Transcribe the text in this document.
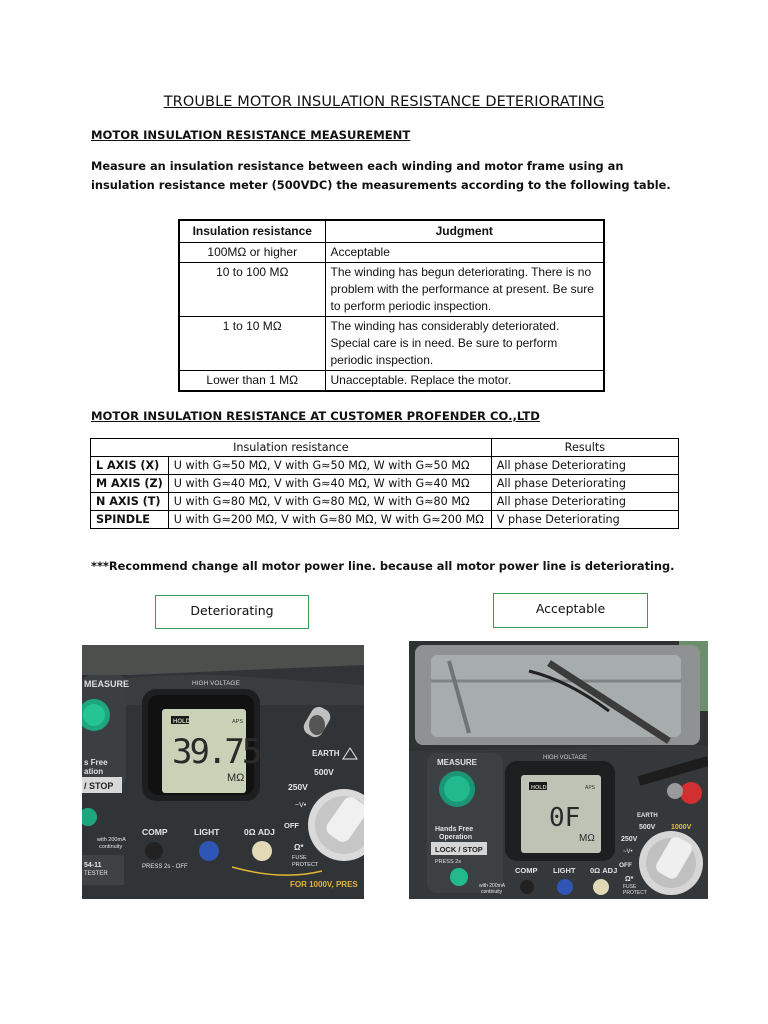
TROUBLE MOTOR INSULATION RESISTANCE DETERIORATING
MOTOR INSULATION RESISTANCE MEASUREMENT
Measure an insulation resistance between each winding and motor frame using an insulation resistance meter (500VDC) the measurements according to the following table.
Insulation resistance	Judgment
100MΩ or higher	Acceptable
10 to 100 MΩ	The winding has begun deteriorating. There is no problem with the performance at present. Be sure to perform periodic inspection.
1 to 10 MΩ	The winding has considerably deteriorated. Special care is in need. Be sure to perform periodic inspection.
Lower than 1 MΩ	Unacceptable. Replace the motor.
MOTOR INSULATION RESISTANCE AT CUSTOMER PROFENDER CO.,LTD
Insulation resistance		Results
L AXIS (X)	U with G≈50 MΩ, V with G≈50 MΩ, W with G≈50 MΩ	All phase Deteriorating
M AXIS (Z)	U with G≈40 MΩ, V with G≈40 MΩ, W with G≈40 MΩ	All phase Deteriorating
N AXIS (T)	U with G≈80 MΩ, V with G≈80 MΩ, W with G≈80 MΩ	All phase Deteriorating
SPINDLE	U with G≈200 MΩ, V with G≈80 MΩ, W with G≈200 MΩ	V phase Deteriorating
***Recommend change all motor power line. because all motor power line is deteriorating.
Deteriorating	Acceptable
MEASURE
s Free
ation
/ STOP
HIGH VOLTAGE
HOLD	APS
39.75
MΩ
EARTH
500V
250V
~V•
OFF
Ω*
FUSE
PROTECT
COMP	LIGHT	0Ω ADJ
with 200mA
continuity
PRESS 2s - OFF
FOR 1000V, PRES
54-11
TESTER
MEASURE
Hands Free
Operation
LOCK / STOP
PRESS 2s
HIGH VOLTAGE
HOLD	APS
0F
MΩ
EARTH
500V 1000V
250V
~V•
OFF
Ω*
FUSE
PROTECT
COMP LIGHT 0Ω ADJ
with 200mA
continuity
